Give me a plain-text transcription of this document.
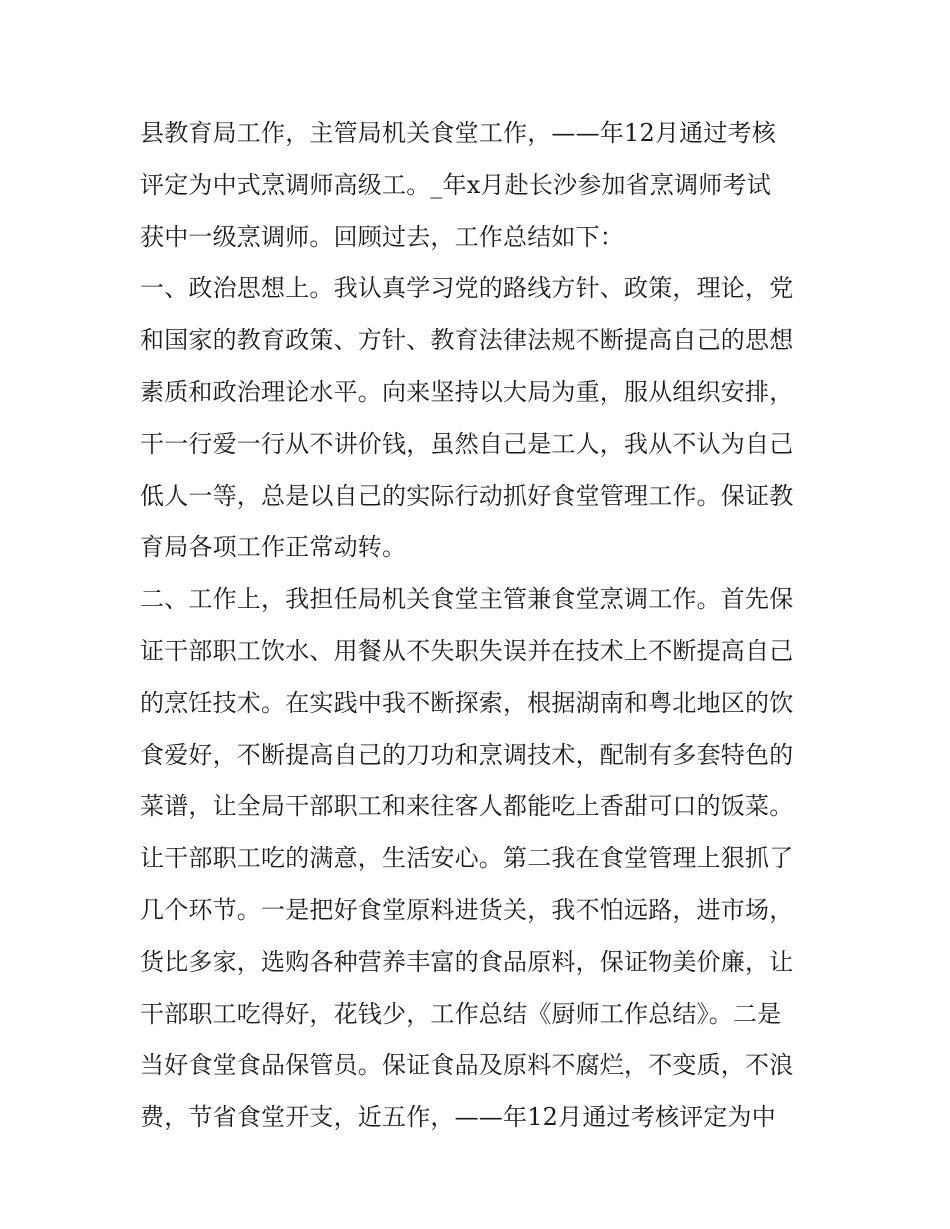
县教育局工作，主管局机关食堂工作，——年12月通过考核
评定为中式烹调师高级工。_年x月赴长沙参加省烹调师考试
获中一级烹调师。回顾过去，工作总结如下：
一、政治思想上。我认真学习党的路线方针、政策，理论，党
和国家的教育政策、方针、教育法律法规不断提高自己的思想
素质和政治理论水平。向来坚持以大局为重，服从组织安排，
干一行爱一行从不讲价钱，虽然自己是工人，我从不认为自己
低人一等，总是以自己的实际行动抓好食堂管理工作。保证教
育局各项工作正常动转。
二、工作上，我担任局机关食堂主管兼食堂烹调工作。首先保
证干部职工饮水、用餐从不失职失误并在技术上不断提高自己
的烹饪技术。在实践中我不断探索，根据湖南和粤北地区的饮
食爱好，不断提高自己的刀功和烹调技术，配制有多套特色的
菜谱，让全局干部职工和来往客人都能吃上香甜可口的饭菜。
让干部职工吃的满意，生活安心。第二我在食堂管理上狠抓了
几个环节。一是把好食堂原料进货关，我不怕远路，进市场，
货比多家，选购各种营养丰富的食品原料，保证物美价廉，让
干部职工吃得好，花钱少，工作总结《厨师工作总结》。二是
当好食堂食品保管员。保证食品及原料不腐烂，不变质，不浪
费，节省食堂开支，近五作，——年12月通过考核评定为中
